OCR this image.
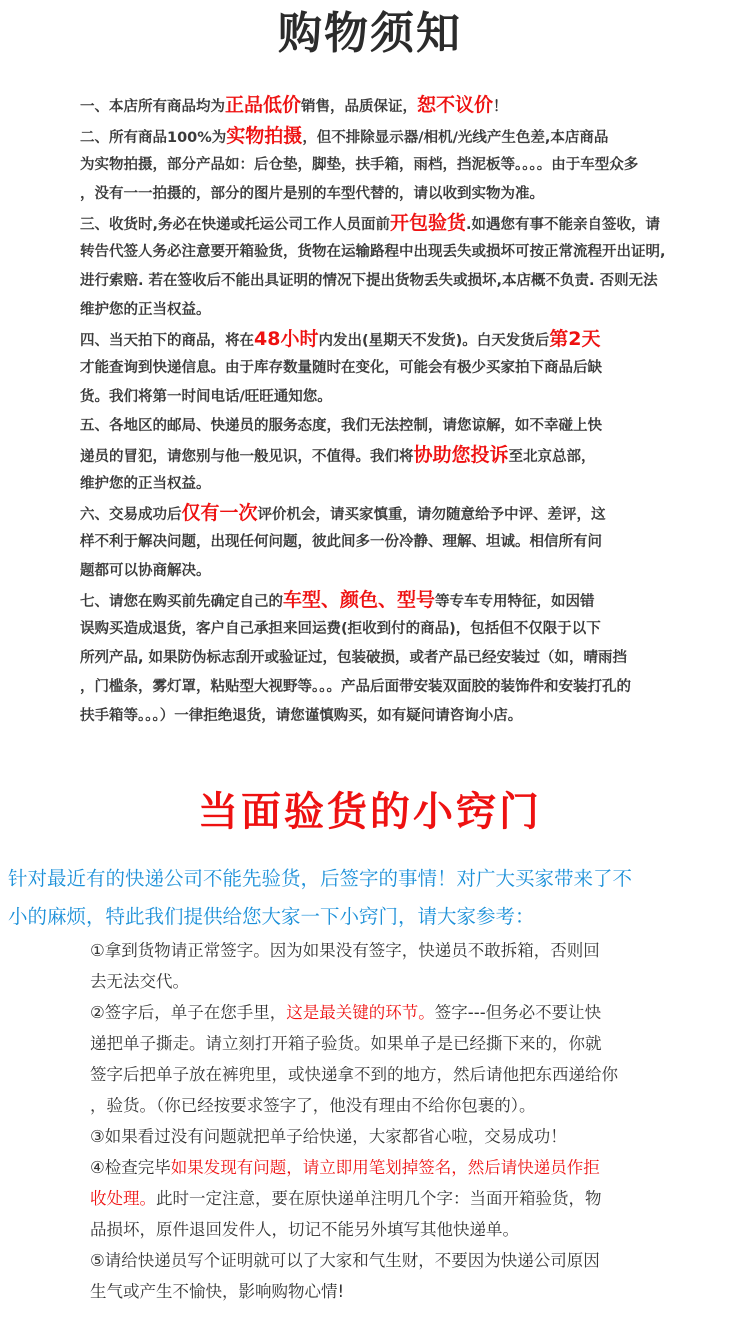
购物须知
一、本店所有商品均为正品低价销售，品质保证，恕不议价！
二、所有商品100%为实物拍摄，但不排除显示器/相机/光线产生色差,本店商品
为实物拍摄，部分产品如：后仓垫，脚垫，扶手箱，雨档，挡泥板等。。。。由于车型众多
，没有一一拍摄的，部分的图片是别的车型代替的，请以收到实物为准。
三、收货时,务必在快递或托运公司工作人员面前开包验货.如遇您有事不能亲自签收，请
转告代签人务必注意要开箱验货，货物在运输路程中出现丢失或损坏可按正常流程开出证明,
进行索赔. 若在签收后不能出具证明的情况下提出货物丢失或损坏,本店概不负责. 否则无法
维护您的正当权益。
四、当天拍下的商品，将在48小时内发出(星期天不发货)。白天发货后第2天
才能查询到快递信息。由于库存数量随时在变化，可能会有极少买家拍下商品后缺
货。我们将第一时间电话/旺旺通知您。
五、各地区的邮局、快递员的服务态度，我们无法控制，请您谅解，如不幸碰上快
递员的冒犯，请您别与他一般见识，不值得。我们将协助您投诉至北京总部，
维护您的正当权益。
六、交易成功后仅有一次评价机会，请买家慎重，请勿随意给予中评、差评，这
样不利于解决问题，出现任何问题，彼此间多一份冷静、理解、坦诚。相信所有问
题都可以协商解决。
七、请您在购买前先确定自己的车型、颜色、型号等专车专用特征，如因错
误购买造成退货，客户自己承担来回运费(拒收到付的商品)，包括但不仅限于以下
所列产品, 如果防伪标志刮开或验证过，包装破损，或者产品已经安装过（如，晴雨挡
，门槛条，雾灯罩，粘贴型大视野等。。。产品后面带安装双面胶的装饰件和安装打孔的
扶手箱等。。。）一律拒绝退货，请您谨慎购买，如有疑问请咨询小店。
当面验货的小窍门
针对最近有的快递公司不能先验货，后签字的事情！对广大买家带来了不
小的麻烦，特此我们提供给您大家一下小窍门，请大家参考：
①拿到货物请正常签字。因为如果没有签字，快递员不敢拆箱，否则回
去无法交代。
②签字后，单子在您手里，这是最关键的环节。签字---但务必不要让快
递把单子撕走。请立刻打开箱子验货。如果单子是已经撕下来的，你就
签字后把单子放在裤兜里，或快递拿不到的地方，然后请他把东西递给你
，验货。（你已经按要求签字了，他没有理由不给你包裹的）。
③如果看过没有问题就把单子给快递，大家都省心啦，交易成功！
④检查完毕如果发现有问题，请立即用笔划掉签名，然后请快递员作拒
收处理。此时一定注意，要在原快递单注明几个字：当面开箱验货，物
品损坏，原件退回发件人，切记不能另外填写其他快递单。
⑤请给快递员写个证明就可以了大家和气生财，不要因为快递公司原因
生气或产生不愉快，影响购物心情!
